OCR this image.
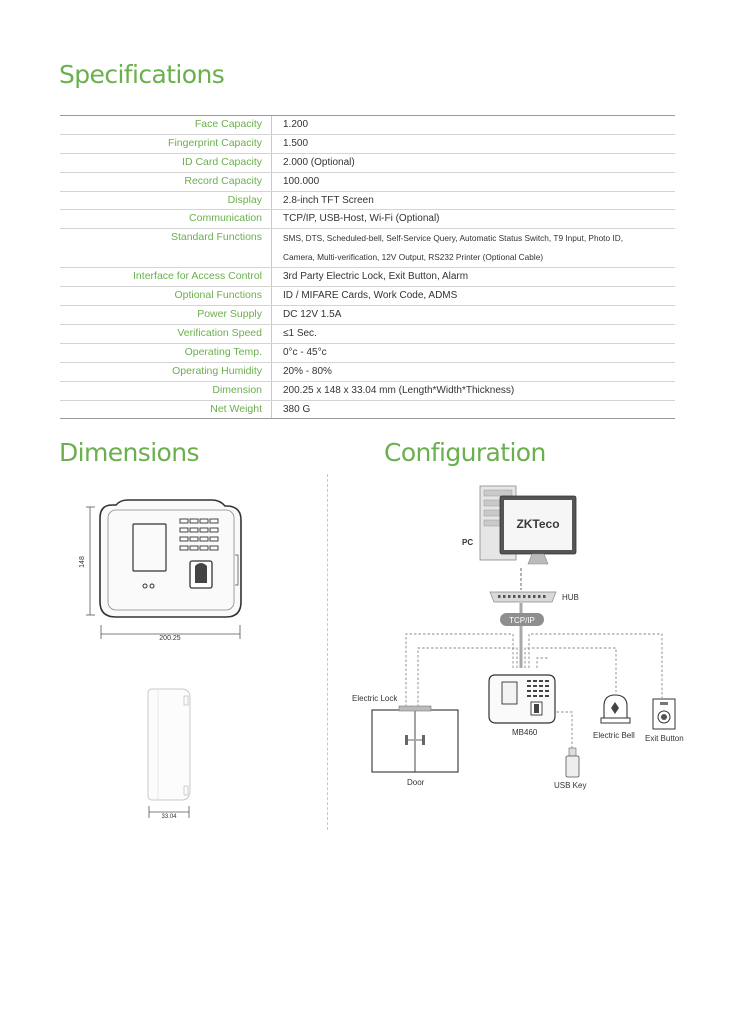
Specifications
Dimensions	Configuration
Face Capacity	1.200
Fingerprint Capacity	1.500
ID Card Capacity	2.000 (Optional)
Record Capacity	100.000
Display	2.8-inch TFT Screen
Communication	TCP/IP, USB-Host, Wi-Fi (Optional)
Standard Functions	SMS, DTS, Scheduled-bell, Self-Service Query, Automatic Status Switch, T9 Input, Photo ID,
Camera, Multi-verification, 12V Output, RS232 Printer (Optional Cable)
Interface for Access Control	3rd Party Electric Lock, Exit Button, Alarm
Optional Functions	ID / MIFARE Cards, Work Code, ADMS
Power Supply	DC 12V 1.5A
Verification Speed	≤1 Sec.
Operating Temp.	0°c - 45°c
Operating Humidity	20% - 80%
Dimension	200.25 x 148 x 33.04 mm (Length*Width*Thickness)
Net Weight	380 G
148
200.25
33.04
ZKTeco
PC
HUB
TCP/IP
MB460
Electric Lock
Door	USB Key
Electric Bell Exit Button
